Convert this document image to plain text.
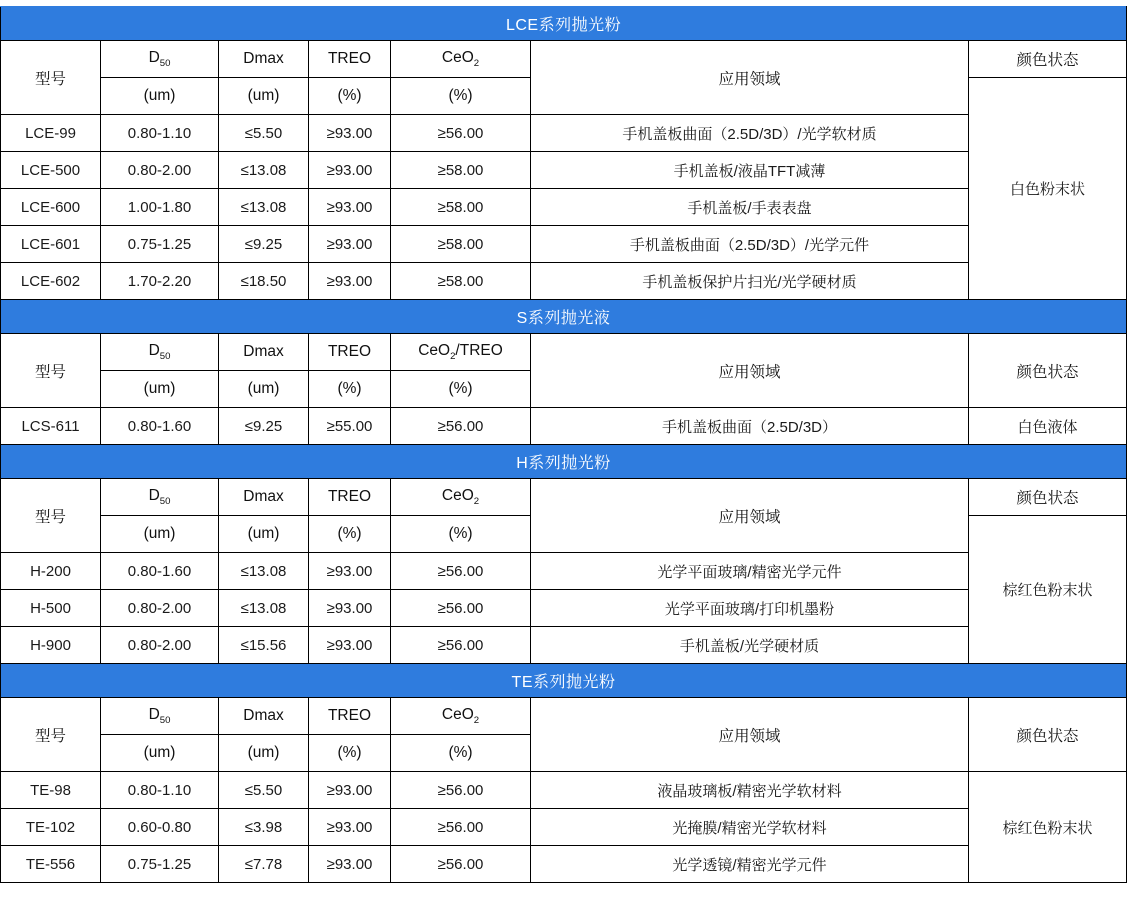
LCE系列抛光粉						
型号	$D_{50}$	Dmax	TREO	CeO$_2$	应用领域	颜色状态
	(um)	(um)	(%)	(%)		白色粉末状
LCE-99	0.80-1.10	≤5.50	≥93.00	≥56.00	手机盖板曲面（2.5D/3D）/光学软材质	
LCE-500	0.80-2.00	≤13.08	≥93.00	≥58.00	手机盖板/液晶TFT减薄	
LCE-600	1.00-1.80	≤13.08	≥93.00	≥58.00	手机盖板/手表表盘	
LCE-601	0.75-1.25	≤9.25	≥93.00	≥58.00	手机盖板曲面（2.5D/3D）/光学元件	
LCE-602	1.70-2.20	≤18.50	≥93.00	≥58.00	手机盖板保护片扫光/光学硬材质	
S系列抛光液						
型号	$D_{50}$	Dmax	TREO	CeO$_2$/TREO	应用领域	颜色状态
	(um)	(um)	(%)	(%)		
LCS-611	0.80-1.60	≤9.25	≥55.00	≥56.00	手机盖板曲面（2.5D/3D）	白色液体
H系列抛光粉						
型号	$D_{50}$	Dmax	TREO	CeO$_2$	应用领域	颜色状态
	(um)	(um)	(%)	(%)		棕红色粉末状
H-200	0.80-1.60	≤13.08	≥93.00	≥56.00	光学平面玻璃/精密光学元件	
H-500	0.80-2.00	≤13.08	≥93.00	≥56.00	光学平面玻璃/打印机墨粉	
H-900	0.80-2.00	≤15.56	≥93.00	≥56.00	手机盖板/光学硬材质	
TE系列抛光粉						
型号	$D_{50}$	Dmax	TREO	CeO$_2$	应用领域	颜色状态
	(um)	(um)	(%)	(%)		
TE-98	0.80-1.10	≤5.50	≥93.00	≥56.00	液晶玻璃板/精密光学软材料	棕红色粉末状
TE-102	0.60-0.80	≤3.98	≥93.00	≥56.00	光掩膜/精密光学软材料	
TE-556	0.75-1.25	≤7.78	≥93.00	≥56.00	光学透镜/精密光学元件	
